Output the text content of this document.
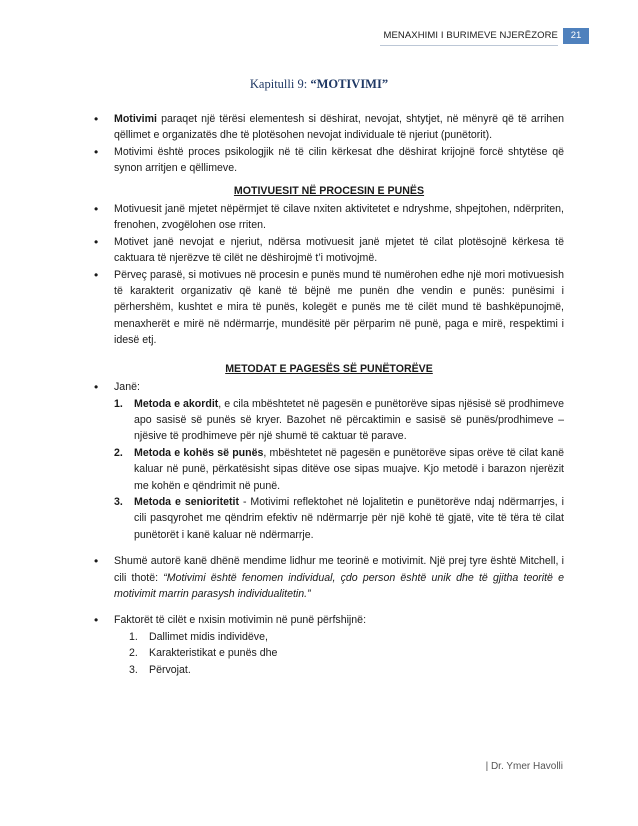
MENAXHIMI I BURIMEVE NJERËZORE	21
Kapitulli 9: “MOTIVIMI”
• Motivimi paraqet një tërësi elementesh si dëshirat, nevojat, shtytjet, në mënyrë që të arrihen qëllimet e organizatës dhe të plotësohen nevojat individuale të njeriut (punëtorit).
• Motivimi është proces psikologjik në të cilin kërkesat dhe dëshirat krijojnë forcë shtytëse që synon arritjen e qëllimeve.
MOTIVUESIT NË PROCESIN E PUNËS
• Motivuesit janë mjetet nëpërmjet të cilave nxiten aktivitetet e ndryshme, shpejtohen, ndërpriten, frenohen, zvogëlohen ose rriten.
• Motivet janë nevojat e njeriut, ndërsa motivuesit janë mjetet të cilat plotësojnë kërkesa të caktuara të njerëzve të cilët ne dëshirojmë t’i motivojmë.
• Përveç parasë, si motivues në procesin e punës mund të numërohen edhe një mori motivuesish të karakterit organizativ që kanë të bëjnë me punën dhe vendin e punës: punësimi i përhershëm, kushtet e mira të punës, kolegët e punës me të cilët mund të bashkëpunojmë, menaxherët e mirë në ndërmarrje, mundësitë për përparim në punë, paga e mirë, respektimi i idesë etj.
METODAT E PAGESËS SË PUNËTORËVE
• Janë:
1. Metoda e akordit, e cila mbështetet në pagesën e punëtorëve sipas njësisë së prodhimeve apo sasisë së punës së kryer. Bazohet në përcaktimin e sasisë së punës/prodhimeve – njësive të prodhimeve për një shumë të caktuar të parave.
2. Metoda e kohës së punës, mbështetet në pagesën e punëtorëve sipas orëve të cilat kanë kaluar në punë, përkatësisht sipas ditëve ose sipas muajve. Kjo metodë i barazon njerëzit me kohën e qëndrimit në punë.
3. Metoda e senioritetit - Motivimi reflektohet në lojalitetin e punëtorëve ndaj ndërmarrjes, i cili pasqyrohet me qëndrim efektiv në ndërmarrje për një kohë të gjatë, vite të tëra të cilat punëtorët i kanë kaluar në ndërmarrje.
• Shumë autorë kanë dhënë mendime lidhur me teorinë e motivimit. Një prej tyre është Mitchell, i cili thotë: “Motivimi është fenomen individual, çdo person është unik dhe të gjitha teoritë e motivimit marrin parasysh individualitetin.”
• Faktorët të cilët e nxisin motivimin në punë përfshijnë:
1. Dallimet midis individëve,
2. Karakteristikat e punës dhe
3. Përvojat.
| Dr. Ymer Havolli
